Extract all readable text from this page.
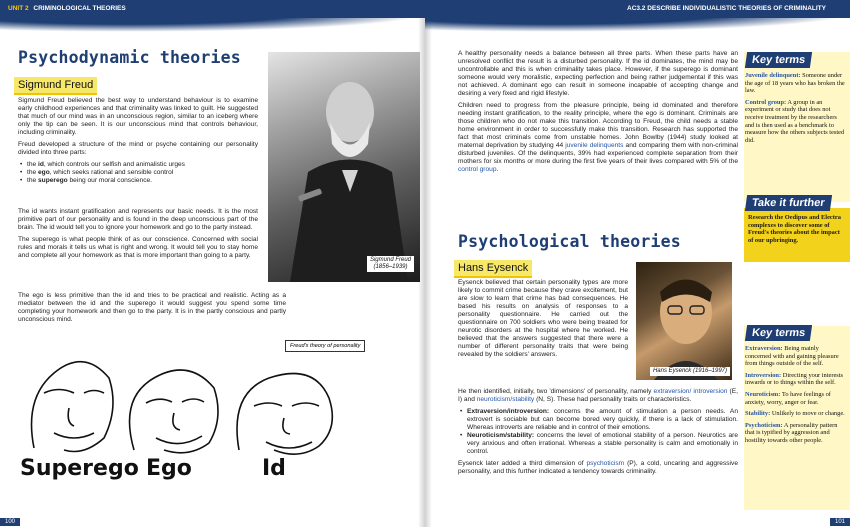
UNIT 2 CRIMINOLOGICAL THEORIES	AC3.2 DESCRIBE INDIVIDUALISTIC THEORIES OF CRIMINALITY
Psychodynamic theories
Sigmund Freud

Sigmund Freud believed the best way to understand behaviour is to examine early childhood experiences and that criminality was linked to guilt. He suggested that much of our mind was in an unconscious region, similar to an iceberg where only the tip can be seen. It is our unconscious mind that controls behaviour, including criminality.

Freud developed a structure of the mind or psyche containing our personality divided into three parts:

• the id, which controls our selfish and animalistic urges
• the ego, which seeks rational and sensible control
• the superego being our moral conscience.

The id wants instant gratification and represents our basic needs. It is the most primitive part of our personality and is found in the deep unconscious part of the brain. The id would tell you to ignore your homework and go to the party instead.

The superego is what people think of as our conscience. Concerned with social rules and morals it tells us what is right and wrong. It would tell you to stay home and complete all your homework as that is more important than going to a party.

The ego is less primitive than the id and tries to be practical and realistic. Acting as a mediator between the id and the superego it would suggest you spend some time completing your homework and then go to the party. It is in the partly conscious and partly unconscious mind.

Sigmund Freud
(1856–1939)
Superego Ego	Id
Freud's theory of personality
100

A healthy personality needs a balance between all three parts. When these parts have an unresolved conflict the result is a disturbed personality. If the id dominates, the mind may be uncontrollable and this is when criminality takes place. However, if the superego is dominant someone would very moralistic, expecting perfection and being rather judgemental if this was not achieved. A dominant ego can result in someone incapable of accepting change and desiring a very fixed and rigid lifestyle.

Children need to progress from the pleasure principle, being id dominated and therefore needing instant gratification, to the reality principle, where the ego is dominant. Criminals are those children who do not make this transition. According to Freud, the child needs a stable home environment in order to successfully make this transition. Research has supported the fact that most criminals come from unstable homes. John Bowlby (1944) study looked at maternal deprivation by studying 44 juvenile delinquents and comparing them with non-criminal disturbed juveniles. Of the delinquents, 39% had experienced complete separation from their mothers for six months or more during the first five years of their lives compared with 5% of the control group.

Psychological theories
Hans Eysenck

Eysenck believed that certain personality types are more likely to commit crime because they crave excitement, but are slow to learn that crime has bad consequences. He based his results on analysis of responses to a personality questionnaire. He carried out the questionnaire on 700 soldiers who were being treated for neurotic disorders at the hospital where he worked. He believed that the answers suggested that there were a number of different personality traits that were being revealed by the soldiers' answers.

Hans Eysenck (1916–1997)

He then identified, initially, two 'dimensions' of personality, namely extraversion/ introversion (E, I) and neuroticism/stability (N, S). These had personality traits or characteristics.

• Extraversion/introversion: concerns the amount of stimulation a person needs. An extrovert is sociable but can become bored very quickly, if there is a lack of stimulation. Whereas introverts are reliable and in control of their emotions.
• Neuroticism/stability: concerns the level of emotional stability of a person. Neurotics are very anxious and often irrational. Whereas a stable personality is calm and emotionally in control.

Eysenck later added a third dimension of psychoticism (P), a cold, uncaring and aggressive personality, and this further indicated a tendency towards criminality.

Key terms

Juvenile delinquent: Someone under the age of 18 years who has broken the law.

Control group: A group in an experiment or study that does not receive treatment by the researchers and is then used as a benchmark to measure how the others subjects tested did.

Take it further
Research the Oedipus and Electra complexes to discover some of Freud's theories about the impact of our upbringing.
Key terms

Extraversion: Being mainly concerned with and gaining pleasure from things outside of the self.

Introversion: Directing your interests inwards or to things within the self.

Neuroticism: To have feelings of anxiety, worry, anger or fear.

Stability: Unlikely to move or change.

Psychoticism: A personality pattern that is typified by aggression and hostility towards other people.

101
